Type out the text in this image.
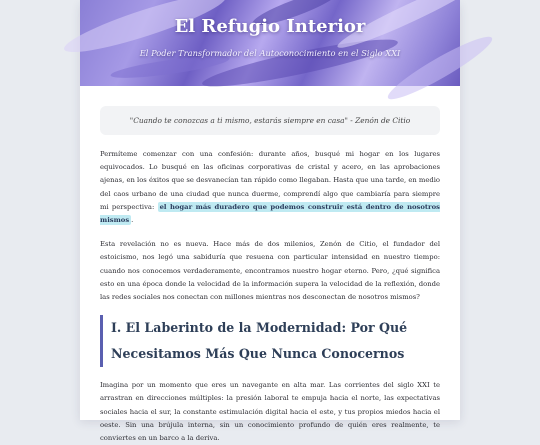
El Refugio Interior
El Poder Transformador del Autoconocimiento en el Siglo XXI
"Cuando te conozcas a ti mismo, estarás siempre en casa" - Zenón de Citio

Permíteme comenzar con una confesión: durante años, busqué mi hogar en los lugares equivocados. Lo busqué en las oficinas corporativas de cristal y acero, en las aprobaciones ajenas, en los éxitos que se desvanecían tan rápido como llegaban. Hasta que una tarde, en medio del caos urbano de una ciudad que nunca duerme, comprendí algo que cambiaría para siempre mi perspectiva: el hogar más duradero que podemos construir está dentro de nosotros mismos .

Esta revelación no es nueva. Hace más de dos milenios, Zenón de Citio, el fundador del estoicismo, nos legó una sabiduría que resuena con particular intensidad en nuestro tiempo: cuando nos conocemos verdaderamente, encontramos nuestro hogar eterno. Pero, ¿qué significa esto en una época donde la velocidad de la información supera la velocidad de la reflexión, donde las redes sociales nos conectan con millones mientras nos desconectan de nosotros mismos?

I. El Laberinto de la Modernidad: Por Qué Necesitamos Más Que Nunca Conocernos

Imagina por un momento que eres un navegante en alta mar. Las corrientes del siglo XXI te arrastran en direcciones múltiples: la presión laboral te empuja hacia el norte, las expectativas sociales hacia el sur, la constante estimulación digital hacia el este, y tus propios miedos hacia el oeste. Sin una brújula interna, sin un conocimiento profundo de quién eres realmente, te conviertes en un barco a la deriva.
